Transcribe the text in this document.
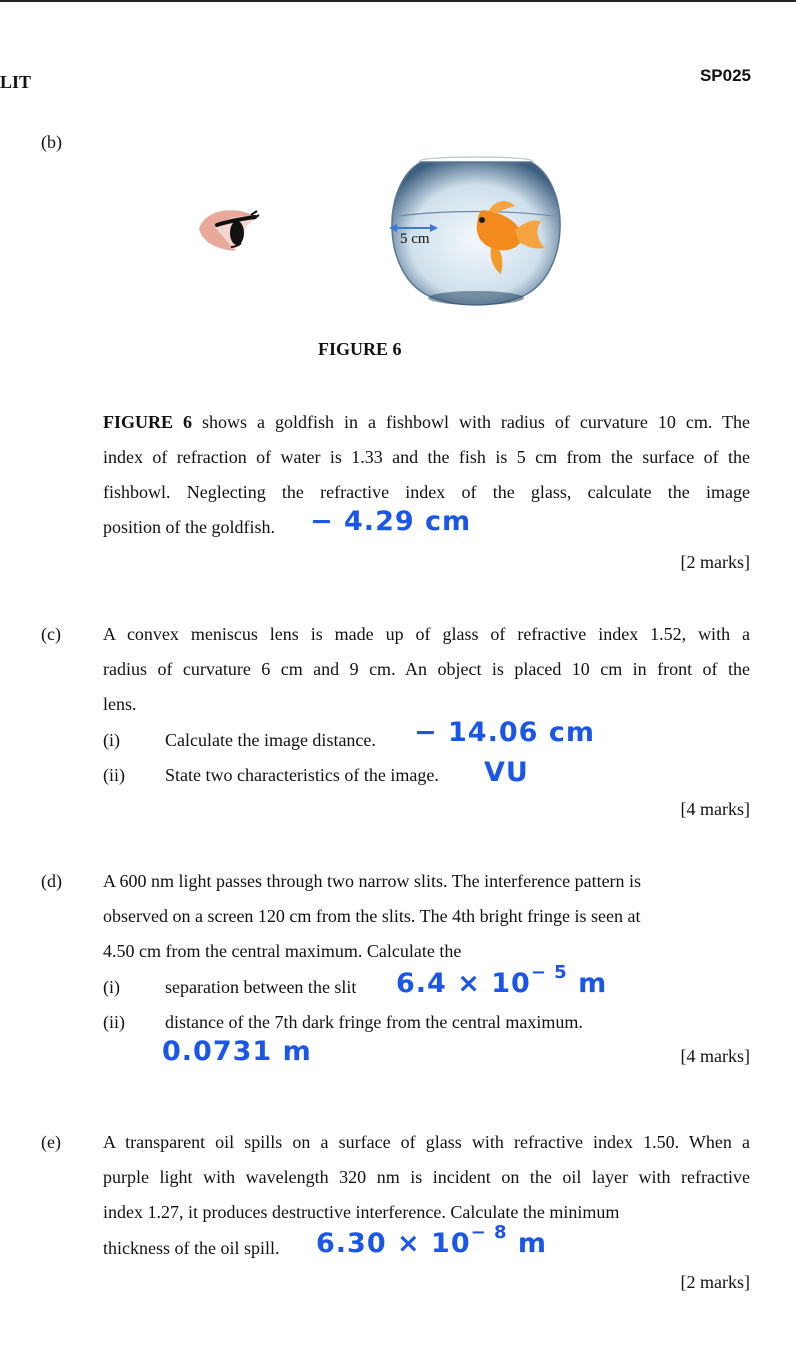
LIT	SP025
(b)
5 cm
FIGURE 6
FIGURE 6 shows a goldfish in a fishbowl with radius of curvature 10 cm. The
index of refraction of water is 1.33 and the fish is 5 cm from the surface of the
fishbowl. Neglecting the refractive index of the glass, calculate the image
position of the goldfish. − 4.29 cm
[2 marks]
(c) A convex meniscus lens is made up of glass of refractive index 1.52, with a
radius of curvature 6 cm and 9 cm. An object is placed 10 cm in front of the
lens.
(i)	Calculate the image distance. − 14.06 cm
(ii) State two characteristics of the image. VU
[4 marks]
(d) A 600 nm light passes through two narrow slits. The interference pattern is
observed on a screen 120 cm from the slits. The 4th bright fringe is seen at
4.50 cm from the central maximum. Calculate the
(i)	separation between the slit $6.4 \times 10^{- 5}$ m
(ii) distance of the 7th dark fringe from the central maximum.
0.0731 m	[4 marks]
(e) A transparent oil spills on a surface of glass with refractive index 1.50. When a
purple light with wavelength 320 nm is incident on the oil layer with refractive
index 1.27, it produces destructive interference. Calculate the minimum
thickness of the oil spill. $6.30 \times 10^{- 8}$ m
[2 marks]
